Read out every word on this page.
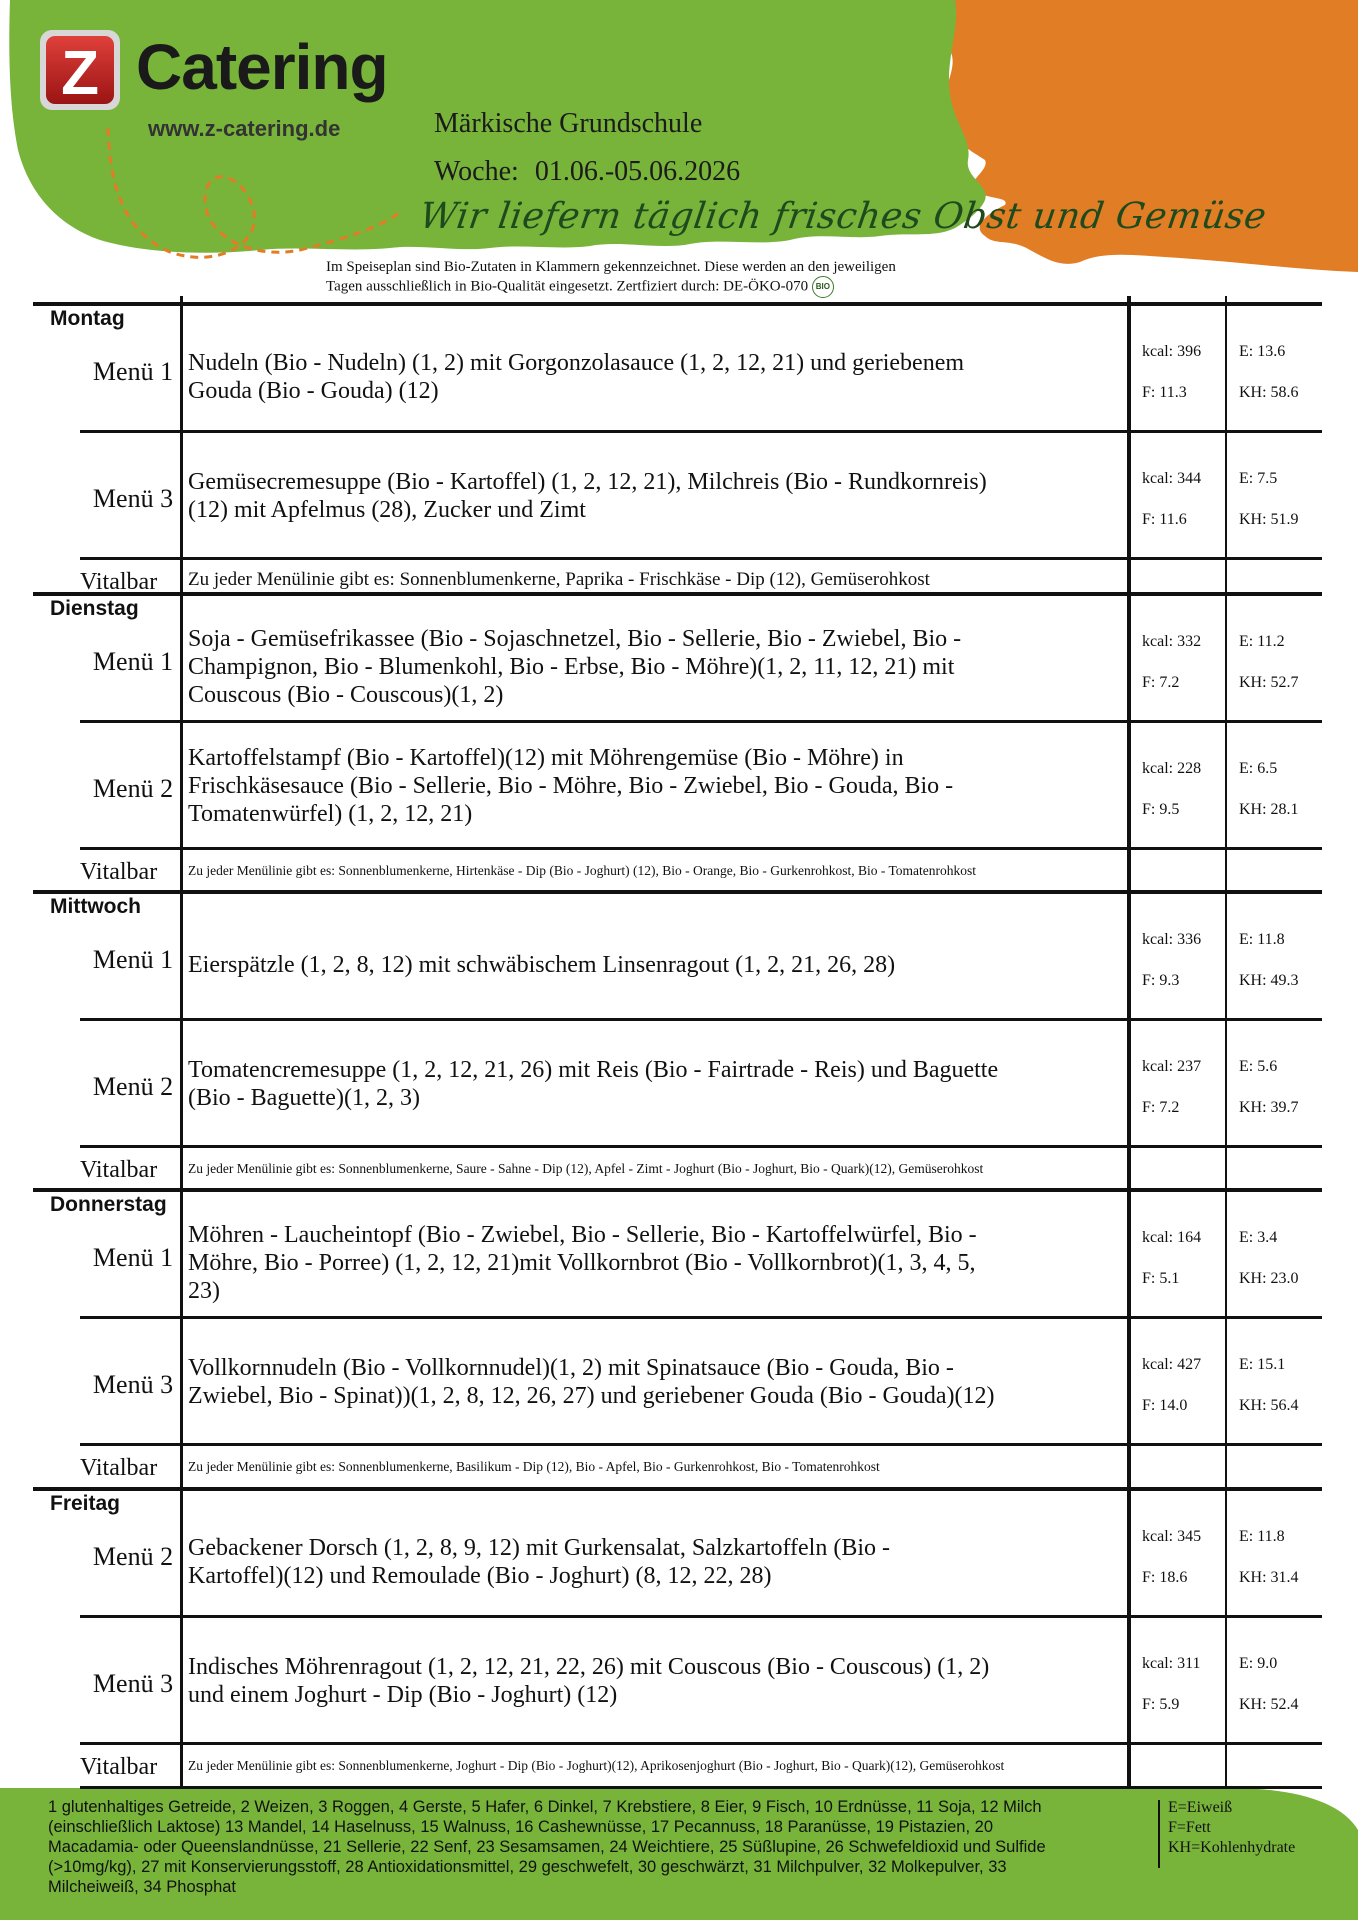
Z Catering
www.z-catering.de	Märkische Grundschule
Woche: 01.06.-05.06.2026
Wir liefern täglich frisches Obst und Gemüse
Im Speiseplan sind Bio-Zutaten in Klammern gekennzeichnet. Diese werden an den jeweiligen
Tagen ausschließlich in Bio-Qualität eingesetzt. Zertfiziert durch: DE-ÖKO-070 BIO
Montag
Menü 1 Nudeln (Bio - Nudeln) (1, 2) mit Gorgonzolasauce (1, 2, 12, 21) und geriebenem
Gouda (Bio - Gouda) (12)
kcal: 396
F: 11.3
E: 13.6
KH: 58.6
Menü 3
Gemüsecremesuppe (Bio - Kartoffel) (1, 2, 12, 21), Milchreis (Bio - Rundkornreis)
(12) mit Apfelmus (28), Zucker und Zimt
kcal: 344
F: 11.6
E: 7.5
KH: 51.9
Vitalbar Zu jeder Menülinie gibt es: Sonnenblumenkerne, Paprika - Frischkäse - Dip (12), Gemüserohkost
Dienstag
Menü 1
Soja - Gemüsefrikassee (Bio - Sojaschnetzel, Bio - Sellerie, Bio - Zwiebel, Bio -
Champignon, Bio - Blumenkohl, Bio - Erbse, Bio - Möhre)(1, 2, 11, 12, 21) mit
Couscous (Bio - Couscous)(1, 2)
kcal: 332
F: 7.2
E: 11.2
KH: 52.7
Menü 2
Kartoffelstampf (Bio - Kartoffel)(12) mit Möhrengemüse (Bio - Möhre) in
Frischkäsesauce (Bio - Sellerie, Bio - Möhre, Bio - Zwiebel, Bio - Gouda, Bio -
Tomatenwürfel) (1, 2, 12, 21)
kcal: 228
F: 9.5
E: 6.5
KH: 28.1
Vitalbar Zu jeder Menülinie gibt es: Sonnenblumenkerne, Hirtenkäse - Dip (Bio - Joghurt) (12), Bio - Orange, Bio - Gurkenrohkost, Bio - Tomatenrohkost
Mittwoch
Menü 1 Eierspätzle (1, 2, 8, 12) mit schwäbischem Linsenragout (1, 2, 21, 26, 28)
kcal: 336
F: 9.3
E: 11.8
KH: 49.3
Menü 2
Tomatencremesuppe (1, 2, 12, 21, 26) mit Reis (Bio - Fairtrade - Reis) und Baguette
(Bio - Baguette)(1, 2, 3)
kcal: 237
F: 7.2
E: 5.6
KH: 39.7
Vitalbar Zu jeder Menülinie gibt es: Sonnenblumenkerne, Saure - Sahne - Dip (12), Apfel - Zimt - Joghurt (Bio - Joghurt, Bio - Quark)(12), Gemüserohkost
Donnerstag
Menü 1
Möhren - Laucheintopf (Bio - Zwiebel, Bio - Sellerie, Bio - Kartoffelwürfel, Bio -
Möhre, Bio - Porree) (1, 2, 12, 21)mit Vollkornbrot (Bio - Vollkornbrot)(1, 3, 4, 5,
23)
kcal: 164
F: 5.1
E: 3.4
KH: 23.0
Menü 3
Vollkornnudeln (Bio - Vollkornnudel)(1, 2) mit Spinatsauce (Bio - Gouda, Bio -
Zwiebel, Bio - Spinat))(1, 2, 8, 12, 26, 27) und geriebener Gouda (Bio - Gouda)(12)
kcal: 427
F: 14.0
E: 15.1
KH: 56.4
Vitalbar Zu jeder Menülinie gibt es: Sonnenblumenkerne, Basilikum - Dip (12), Bio - Apfel, Bio - Gurkenrohkost, Bio - Tomatenrohkost
Freitag
Menü 2 Gebackener Dorsch (1, 2, 8, 9, 12) mit Gurkensalat, Salzkartoffeln (Bio -
Kartoffel)(12) und Remoulade (Bio - Joghurt) (8, 12, 22, 28)
kcal: 345
F: 18.6
E: 11.8
KH: 31.4
Menü 3
Indisches Möhrenragout (1, 2, 12, 21, 22, 26) mit Couscous (Bio - Couscous) (1, 2)
und einem Joghurt - Dip (Bio - Joghurt) (12)
kcal: 311
F: 5.9
E: 9.0
KH: 52.4
Vitalbar Zu jeder Menülinie gibt es: Sonnenblumenkerne, Joghurt - Dip (Bio - Joghurt)(12), Aprikosenjoghurt (Bio - Joghurt, Bio - Quark)(12), Gemüserohkost
1 glutenhaltiges Getreide, 2 Weizen, 3 Roggen, 4 Gerste, 5 Hafer, 6 Dinkel, 7 Krebstiere, 8 Eier, 9 Fisch, 10 Erdnüsse, 11 Soja, 12 Milch
(einschließlich Laktose) 13 Mandel, 14 Haselnuss, 15 Walnuss, 16 Cashewnüsse, 17 Pecannuss, 18 Paranüsse, 19 Pistazien, 20
Macadamia- oder Queenslandnüsse, 21 Sellerie, 22 Senf, 23 Sesamsamen, 24 Weichtiere, 25 Süßlupine, 26 Schwefeldioxid und Sulfide
(>10mg/kg), 27 mit Konservierungsstoff, 28 Antioxidationsmittel, 29 geschwefelt, 30 geschwärzt, 31 Milchpulver, 32 Molkepulver, 33
Milcheiweiß, 34 Phosphat
E=Eiweiß
F=Fett
KH=Kohlenhydrate
